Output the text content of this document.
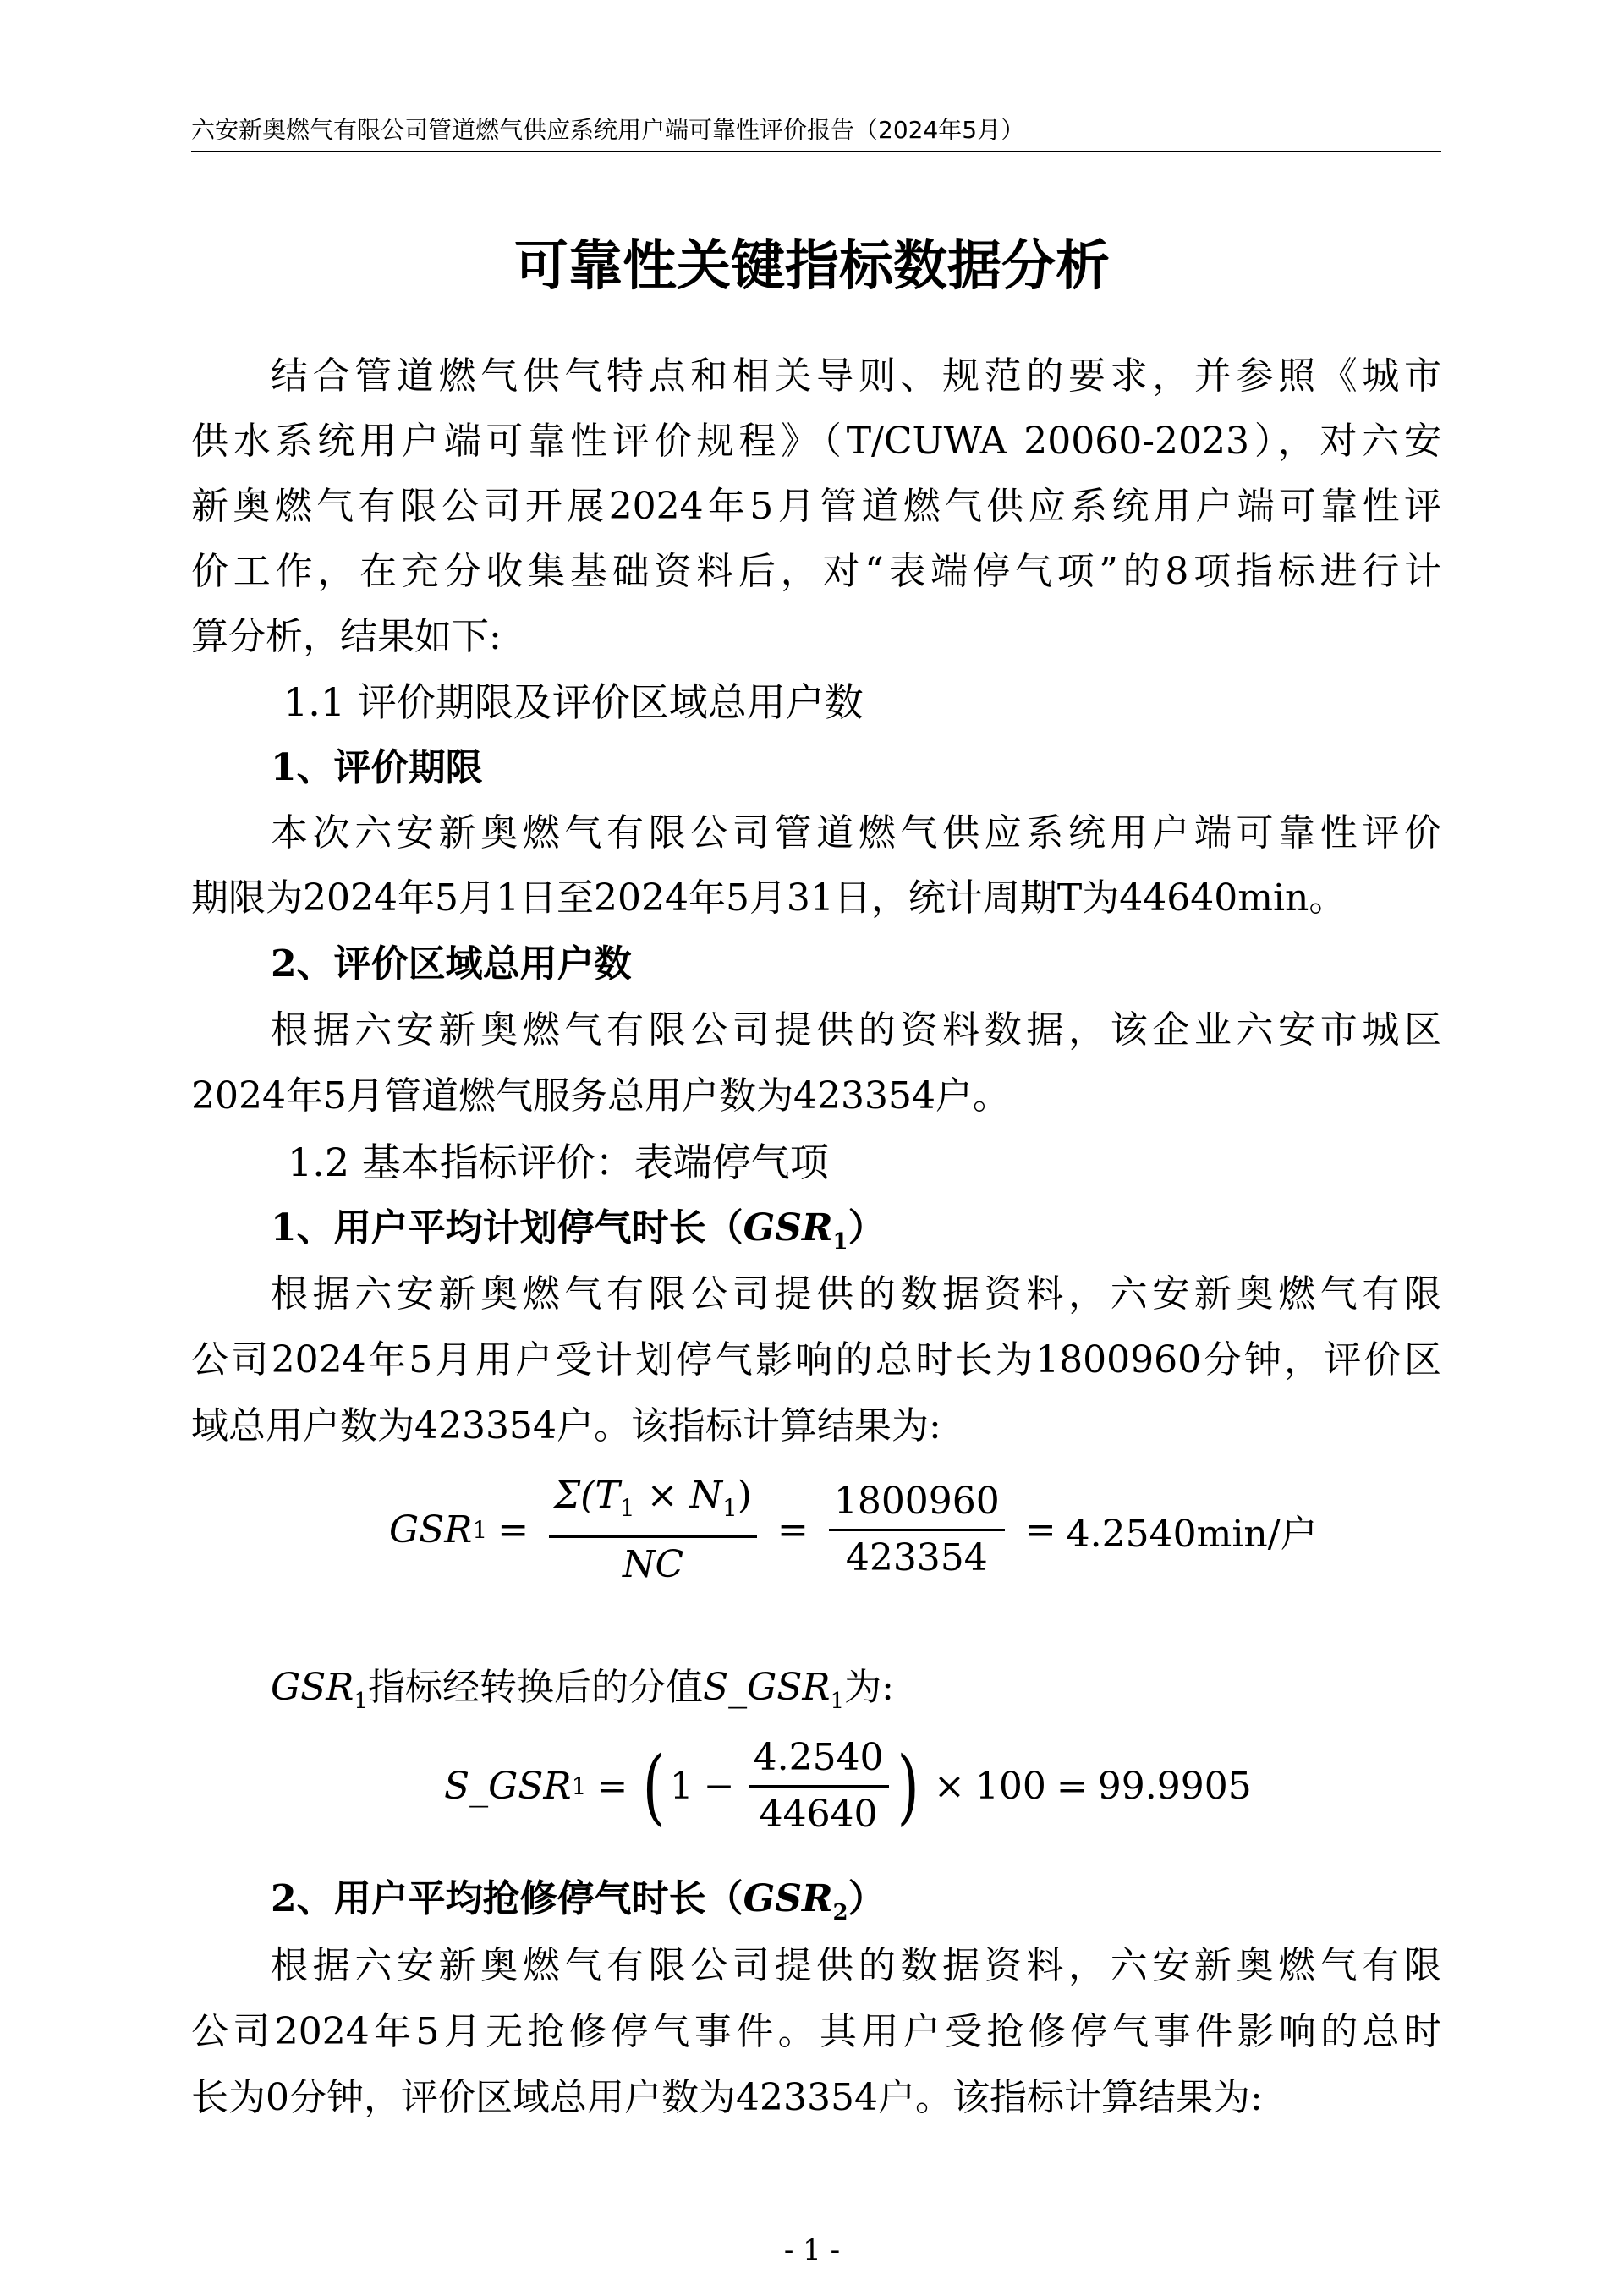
六安新奥燃气有限公司管道燃气供应系统用户端可靠性评价报告（2024年5月）
可靠性关键指标数据分析
结合管道燃气供气特点和相关导则、规范的要求，并参照《城市
供水系统用户端可靠性评价规程》（T/CUWA 20060-2023），对六安
新奥燃气有限公司开展2024年5月管道燃气供应系统用户端可靠性评
价工作，在充分收集基础资料后，对“表端停气项”的8项指标进行计
算分析，结果如下:
1.1 评价期限及评价区域总用户数
1、评价期限
本次六安新奥燃气有限公司管道燃气供应系统用户端可靠性评价
期限为2024年5月1日至2024年5月31日，统计周期T为44640min。
2、评价区域总用户数
根据六安新奥燃气有限公司提供的资料数据，该企业六安市城区
2024年5月管道燃气服务总用户数为423354户。
1.2 基本指标评价：表端停气项
1、用户平均计划停气时长$(GSR_1)$
根据六安新奥燃气有限公司提供的数据资料，六安新奥燃气有限
公司2024年5月用户受计划停气影响的总时长为1800960分钟，评价区
域总用户数为423354户。该指标计算结果为:
GSR $1 = \frac{\Sigma(T_1 \times N_1)}{NC} = \frac{1800960}{423354} = 4.2540\min/$户
$GSR_1$指标经转换后的分值$S\_GSR_1$为:
S_GSR 1 = ( $1 - \frac{4.2540}{44640}$ ) × 100 = 99.9905
2、用户平均抢修停气时长$(GSR_2)$
根据六安新奥燃气有限公司提供的数据资料，六安新奥燃气有限
公司2024年5月无抢修停气事件。其用户受抢修停气事件影响的总时
长为0分钟，评价区域总用户数为423354户。该指标计算结果为:
- 1 -
